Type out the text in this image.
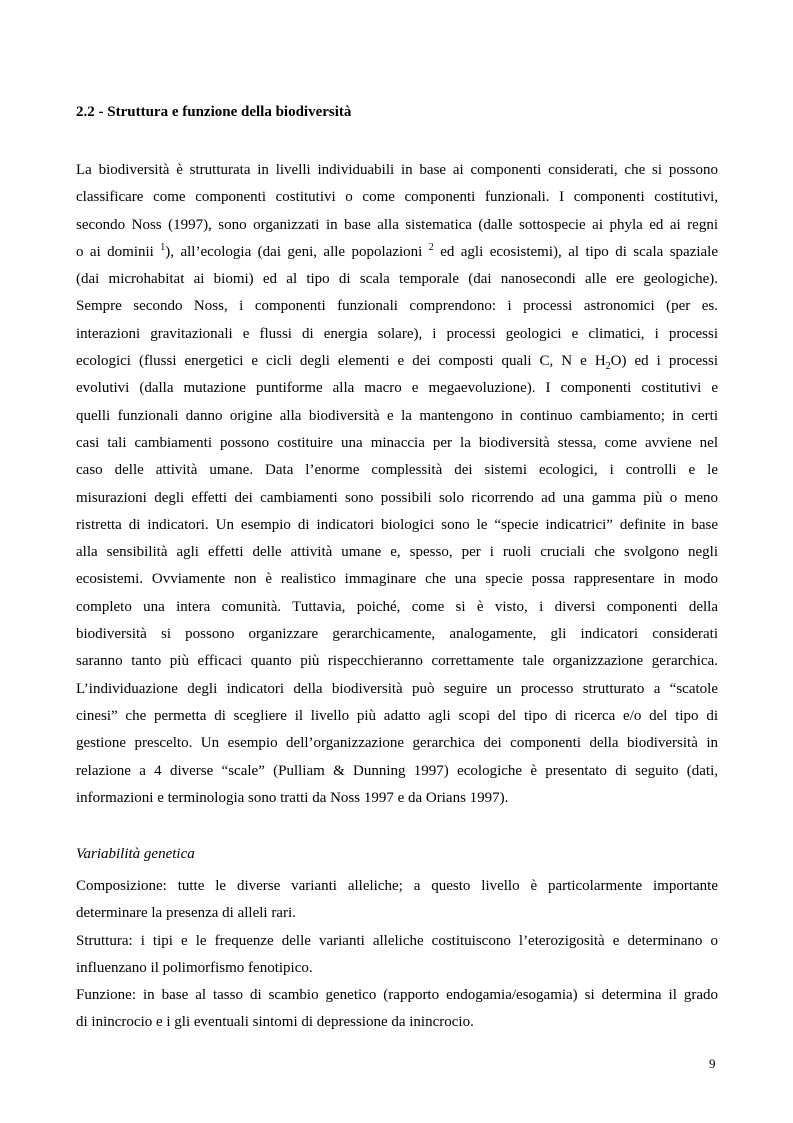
2.2 - Struttura e funzione della biodiversità
La biodiversità è strutturata in livelli individuabili in base ai componenti considerati, che si possono
classificare come componenti costitutivi o come componenti funzionali. I componenti costitutivi,
secondo Noss (1997), sono organizzati in base alla sistematica (dalle sottospecie ai phyla ed ai regni
o ai dominii $^1$), all’ecologia (dai geni, alle popolazioni $^2$ ed agli ecosistemi), al tipo di scala spaziale
(dai microhabitat ai biomi) ed al tipo di scala temporale (dai nanosecondi alle ere geologiche).
Sempre secondo Noss, i componenti funzionali comprendono: i processi astronomici (per es.
interazioni gravitazionali e flussi di energia solare), i processi geologici e climatici, i processi
ecologici (flussi energetici e cicli degli elementi e dei composti quali C, N e $H_2O$) ed i processi
evolutivi (dalla mutazione puntiforme alla macro e megaevoluzione). I componenti costitutivi e
quelli funzionali danno origine alla biodiversità e la mantengono in continuo cambiamento; in certi
casi tali cambiamenti possono costituire una minaccia per la biodiversità stessa, come avviene nel
caso delle attività umane. Data l’enorme complessità dei sistemi ecologici, i controlli e le
misurazioni degli effetti dei cambiamenti sono possibili solo ricorrendo ad una gamma più o meno
ristretta di indicatori. Un esempio di indicatori biologici sono le “specie indicatrici” definite in base
alla sensibilità agli effetti delle attività umane e, spesso, per i ruoli cruciali che svolgono negli
ecosistemi. Ovviamente non è realistico immaginare che una specie possa rappresentare in modo
completo una intera comunità. Tuttavia, poiché, come si è visto, i diversi componenti della
biodiversità si possono organizzare gerarchicamente, analogamente, gli indicatori considerati
saranno tanto più efficaci quanto più rispecchieranno correttamente tale organizzazione gerarchica.
L’individuazione degli indicatori della biodiversità può seguire un processo strutturato a “scatole
cinesi” che permetta di scegliere il livello più adatto agli scopi del tipo di ricerca e/o del tipo di
gestione prescelto. Un esempio dell’organizzazione gerarchica dei componenti della biodiversità in
relazione a 4 diverse “scale” (Pulliam & Dunning 1997) ecologiche è presentato di seguito (dati,
informazioni e terminologia sono tratti da Noss 1997 e da Orians 1997).
Variabilità genetica
Composizione: tutte le diverse varianti alleliche; a questo livello è particolarmente importante
determinare la presenza di alleli rari.
Struttura: i tipi e le frequenze delle varianti alleliche costituiscono l’eterozigosità e determinano o
influenzano il polimorfismo fenotipico.
Funzione: in base al tasso di scambio genetico (rapporto endogamia/esogamia) si determina il grado
di inincrocio e i gli eventuali sintomi di depressione da inincrocio.
9
